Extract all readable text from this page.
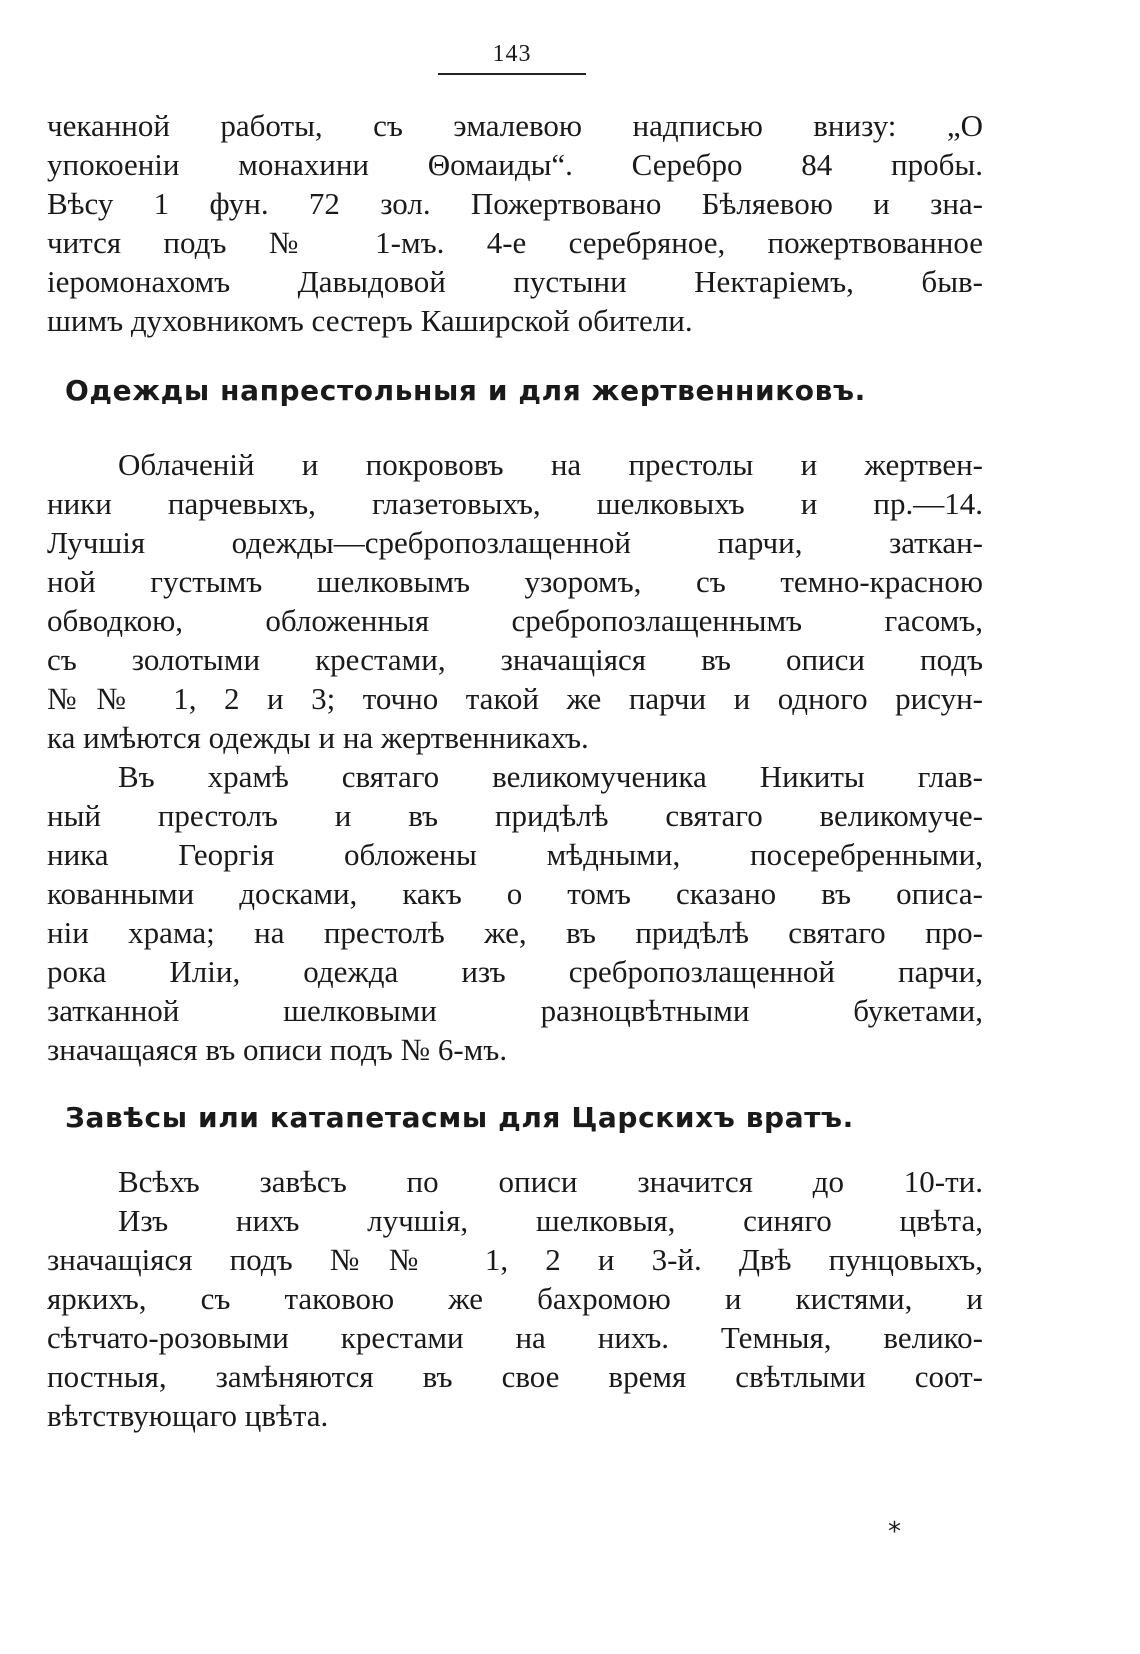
143
чеканной работы, съ эмалевою надписью внизу: „О
упокоеніи монахини Θомаиды“. Серебро 84 пробы.
Вѣсу 1 фун. 72 зол. Пожертвовано Бѣляевою и зна-
чится подъ № 1-мъ. 4-е серебряное, пожертвованное
іеромонахомъ Давыдовой пустыни Нектаріемъ, быв-
шимъ духовникомъ сестеръ Каширской обители.
Одежды напрестольныя и для жертвенниковъ.
Облаченій и покрововъ на престолы и жертвен-
ники парчевыхъ, глазетовыхъ, шелковыхъ и пр.—14.
Лучшія одежды—сребропозлащенной парчи, заткан-
ной густымъ шелковымъ узоромъ, съ темно-красною
обводкою, обложенныя сребропозлащеннымъ гасомъ,
съ золотыми крестами, значащіяся въ описи подъ
№№ 1, 2 и 3; точно такой же парчи и одного рисун-
ка имѣются одежды и на жертвенникахъ.
Въ храмѣ святаго великомученика Никиты глав-
ный престолъ и въ придѣлѣ святаго великомуче-
ника Георгія обложены мѣдными, посеребренными,
кованными досками, какъ о томъ сказано въ описа-
ніи храма; на престолѣ же, въ придѣлѣ святаго про-
рока Иліи, одежда изъ сребропозлащенной парчи,
затканной шелковыми разноцвѣтными букетами,
значащаяся въ описи подъ № 6-мъ.
Завѣсы или катапетасмы для Царскихъ вратъ.
Всѣхъ завѣсъ по описи значится до 10-ти.
Изъ нихъ лучшія, шелковыя, синяго цвѣта,
значащіяся подъ №№ 1, 2 и 3-й. Двѣ пунцовыхъ,
яркихъ, съ таковою же бахромою и кистями, и
сѣтчато-розовыми крестами на нихъ. Темныя, велико-
постныя, замѣняются въ свое время свѣтлыми соот-
вѣтствующаго цвѣта.
*
